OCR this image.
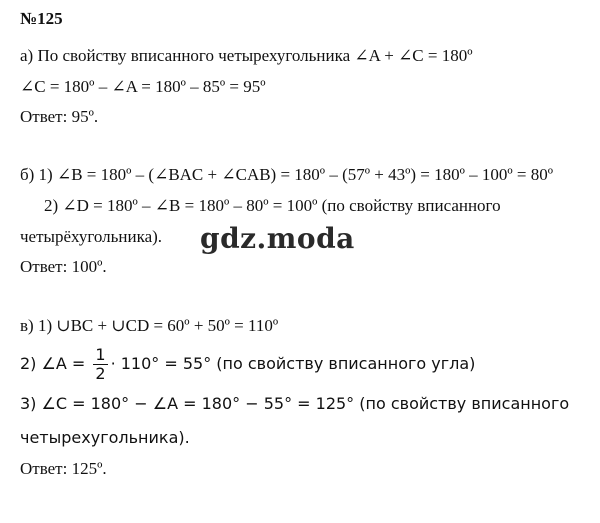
№125
а) По свойству вписанного четырехугольника ∠A + ∠C = 180º
∠C = 180º – ∠A = 180º – 85º = 95º
Ответ: 95º.
б) 1) ∠B = 180º – (∠BAC + ∠CAB) = 180º – (57º + 43º) = 180º – 100º = 80º
2) ∠D = 180º – ∠B = 180º – 80º = 100º (по свойству вписанного
четырёхугольника).
Ответ: 100º.
gdz.moda
в) 1) ∪BC + ∪CD = 60º + 50º = 110º
2) ∠A = $\frac{1}{2} \cdot 110^\circ = 55^\circ$ (по свойству вписанного угла)
3) ∠C = 180° − ∠A = 180° − 55° = 125° (по свойству вписанного
четырехугольника).
Ответ: 125º.
